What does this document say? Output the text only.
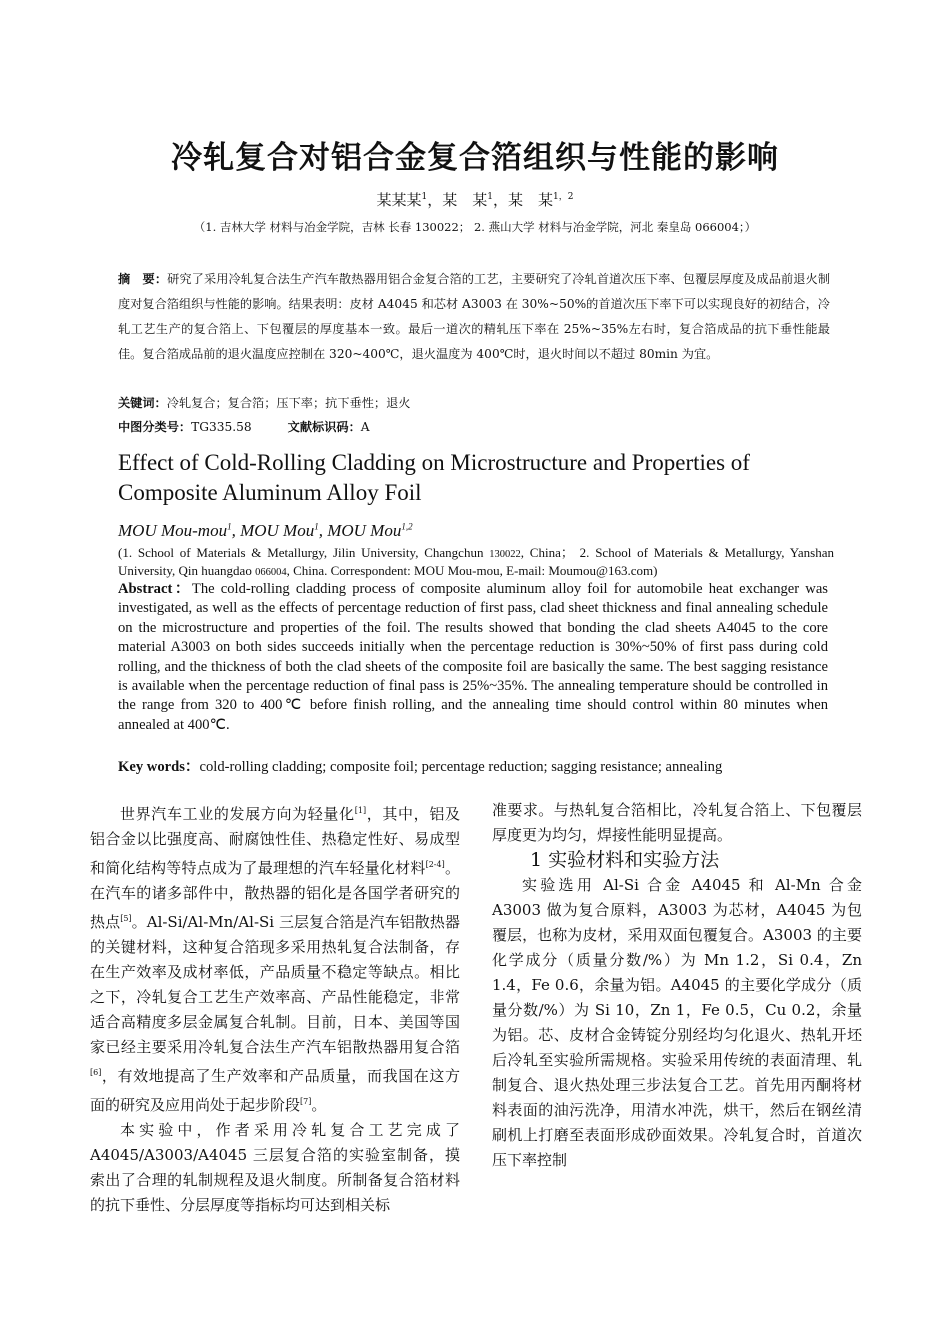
冷轧复合对铝合金复合箔组织与性能的影响
某某某$^1$，某　某$^1$，某　某$^{1,2}$
（1. 吉林大学 材料与冶金学院，吉林 长春 130022； 2. 燕山大学 材料与冶金学院，河北 秦皇岛 066004；）
摘　要：研究了采用冷轧复合法生产汽车散热器用铝合金复合箔的工艺，主要研究了冷轧首道次压下率、包覆层厚度及成品前退火制度对复合箔组织与性能的影响。结果表明：皮材 A4045 和芯材 A3003 在 30%~50%的首道次压下率下可以实现良好的初结合，冷轧工艺生产的复合箔上、下包覆层的厚度基本一致。最后一道次的精轧压下率在 25%~35%左右时，复合箔成品的抗下垂性能最佳。复合箔成品前的退火温度应控制在 320~400℃，退火温度为 400℃时，退火时间以不超过 80min 为宜。
关键词：冷轧复合；复合箔；压下率；抗下垂性；退火
中图分类号：TG335.58	文献标识码：A
Effect of Cold-Rolling Cladding on Microstructure and Properties of Composite Aluminum Alloy Foil
MOU Mou-mou$^1$, MOU Mou$^1$, MOU Mou$^{1,2}$
(1. School of Materials & Metallurgy, Jilin University, Changchun 130022, China； 2. School of Materials & Metallurgy, Yanshan University, Qin huangdao 066004, China. Correspondent: MOU Mou-mou, E-mail: Moumou@163.com)
Abstract：The cold-rolling cladding process of composite aluminum alloy foil for automobile heat exchanger was investigated, as well as the effects of percentage reduction of first pass, clad sheet thickness and final annealing schedule on the microstructure and properties of the foil. The results showed that bonding the clad sheets A4045 to the core material A3003 on both sides succeeds initially when the percentage reduction is 30%~50% of first pass during cold rolling, and the thickness of both the clad sheets of the composite foil are basically the same. The best sagging resistance is available when the percentage reduction of final pass is 25%~35%. The annealing temperature should be controlled in the range from 320 to 400℃ before finish rolling, and the annealing time should control within 80 minutes when annealed at 400℃.
Key words：cold-rolling cladding; composite foil; percentage reduction; sagging resistance; annealing

世界汽车工业的发展方向为轻量化[1]，其中，铝及铝合金以比强度高、耐腐蚀性佳、热稳定性好、易成型和简化结构等特点成为了最理想的汽车轻量化材料[2-4]。在汽车的诸多部件中，散热器的铝化是各国学者研究的热点[5]。Al-Si/Al-Mn/Al-Si 三层复合箔是汽车铝散热器的关键材料，这种复合箔现多采用热轧复合法制备，存在生产效率及成材率低，产品质量不稳定等缺点。相比之下，冷轧复合工艺生产效率高、产品性能稳定，非常适合高精度多层金属复合轧制。目前，日本、美国等国家已经主要采用冷轧复合法生产汽车铝散热器用复合箔[6]，有效地提高了生产效率和产品质量，而我国在这方面的研究及应用尚处于起步阶段[7]。

本实验中，作者采用冷轧复合工艺完成了 A4045/A3003/A4045 三层复合箔的实验室制备，摸索出了合理的轧制规程及退火制度。所制备复合箔材料的抗下垂性、分层厚度等指标均可达到相关标

准要求。与热轧复合箔相比，冷轧复合箔上、下包覆层厚度更为均匀，焊接性能明显提高。

1 实验材料和实验方法

实验选用 Al-Si 合金 A4045 和 Al-Mn 合金 A3003 做为复合原料，A3003 为芯材，A4045 为包覆层，也称为皮材，采用双面包覆复合。A3003 的主要化学成分（质量分数/%）为 Mn 1.2，Si 0.4，Zn 1.4，Fe 0.6，余量为铝。A4045 的主要化学成分（质量分数/%）为 Si 10，Zn 1，Fe 0.5，Cu 0.2，余量为铝。芯、皮材合金铸锭分别经均匀化退火、热轧开坯后冷轧至实验所需规格。实验采用传统的表面清理、轧制复合、退火热处理三步法复合工艺。首先用丙酮将材料表面的油污洗净，用清水冲洗，烘干，然后在钢丝清刷机上打磨至表面形成砂面效果。冷轧复合时，首道次压下率控制
